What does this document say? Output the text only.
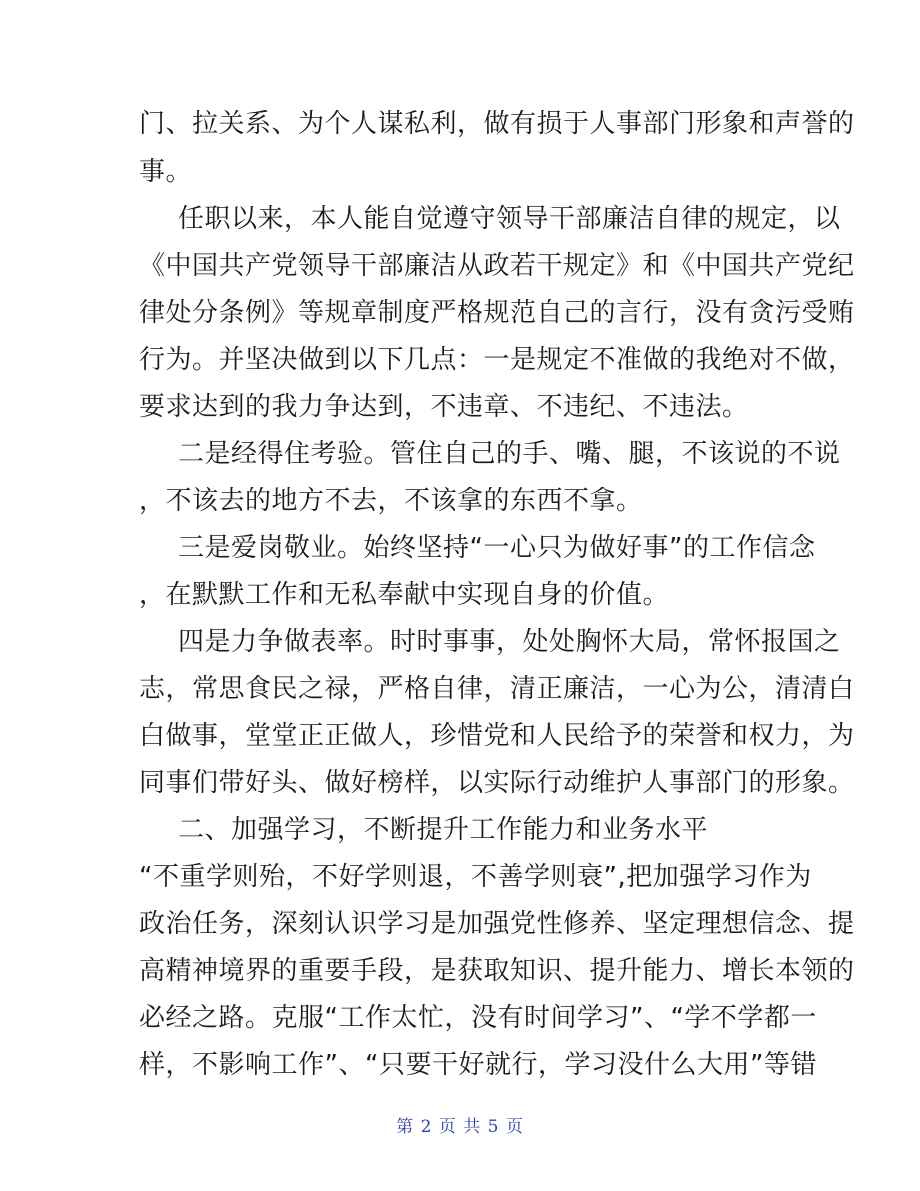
门、拉关系、为个人谋私利，做有损于人事部门形象和声誉的
事。
任职以来，本人能自觉遵守领导干部廉洁自律的规定，以
《中国共产党领导干部廉洁从政若干规定》和《中国共产党纪
律处分条例》等规章制度严格规范自己的言行，没有贪污受贿
行为。并坚决做到以下几点：一是规定不准做的我绝对不做，
要求达到的我力争达到，不违章、不违纪、不违法。
二是经得住考验。管住自己的手、嘴、腿，不该说的不说
，不该去的地方不去，不该拿的东西不拿。
三是爱岗敬业。始终坚持“一心只为做好事”的工作信念
，在默默工作和无私奉献中实现自身的价值。
四是力争做表率。时时事事，处处胸怀大局，常怀报国之
志，常思食民之禄，严格自律，清正廉洁，一心为公，清清白
白做事，堂堂正正做人，珍惜党和人民给予的荣誉和权力，为
同事们带好头、做好榜样，以实际行动维护人事部门的形象。
二、加强学习，不断提升工作能力和业务水平
“不重学则殆，不好学则退，不善学则衰”,把加强学习作为
政治任务，深刻认识学习是加强党性修养、坚定理想信念、提
高精神境界的重要手段，是获取知识、提升能力、增长本领的
必经之路。克服“工作太忙，没有时间学习”、“学不学都一
样，不影响工作”、“只要干好就行，学习没什么大用”等错
第 2 页 共 5 页
